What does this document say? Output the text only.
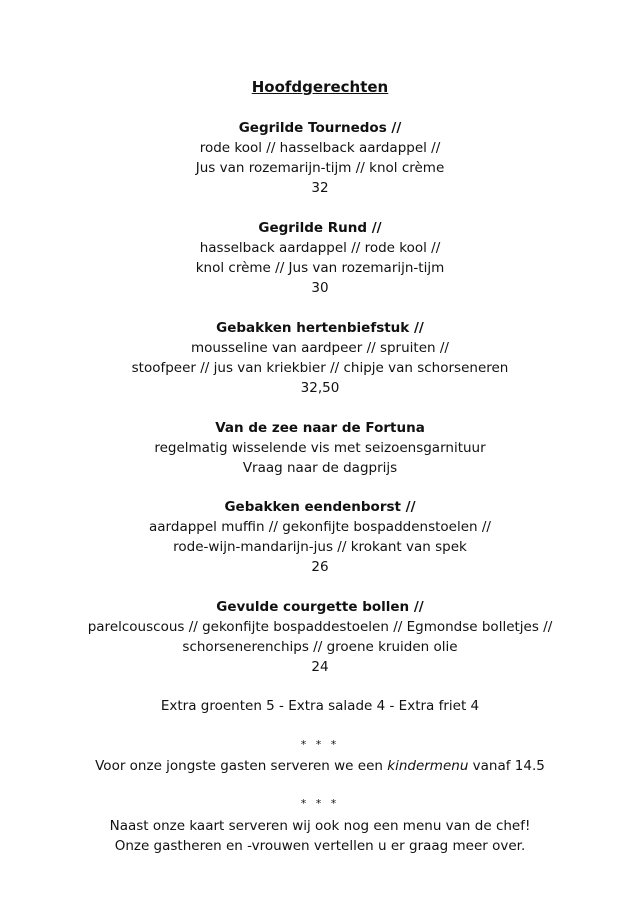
Hoofdgerechten
Gegrilde Tournedos //
rode kool // hasselback aardappel //
Jus van rozemarijn-tijm // knol crème
32
Gegrilde Rund //
hasselback aardappel // rode kool //
knol crème // Jus van rozemarijn-tijm
30
Gebakken hertenbiefstuk //
mousseline van aardpeer // spruiten //
stoofpeer // jus van kriekbier // chipje van schorseneren
32,50
Van de zee naar de Fortuna
regelmatig wisselende vis met seizoensgarnituur
Vraag naar de dagprijs
Gebakken eendenborst //
aardappel muffin // gekonfijte bospaddenstoelen //
rode-wijn-mandarijn-jus // krokant van spek
26
Gevulde courgette bollen //
parelcouscous // gekonfijte bospaddestoelen // Egmondse bolletjes //
schorsenerenchips // groene kruiden olie
24
Extra groenten 5 - Extra salade 4 - Extra friet 4
* * *
Voor onze jongste gasten serveren we een kindermenu vanaf 14.5
* * *
Naast onze kaart serveren wij ook nog een menu van de chef!
Onze gastheren en -vrouwen vertellen u er graag meer over.
